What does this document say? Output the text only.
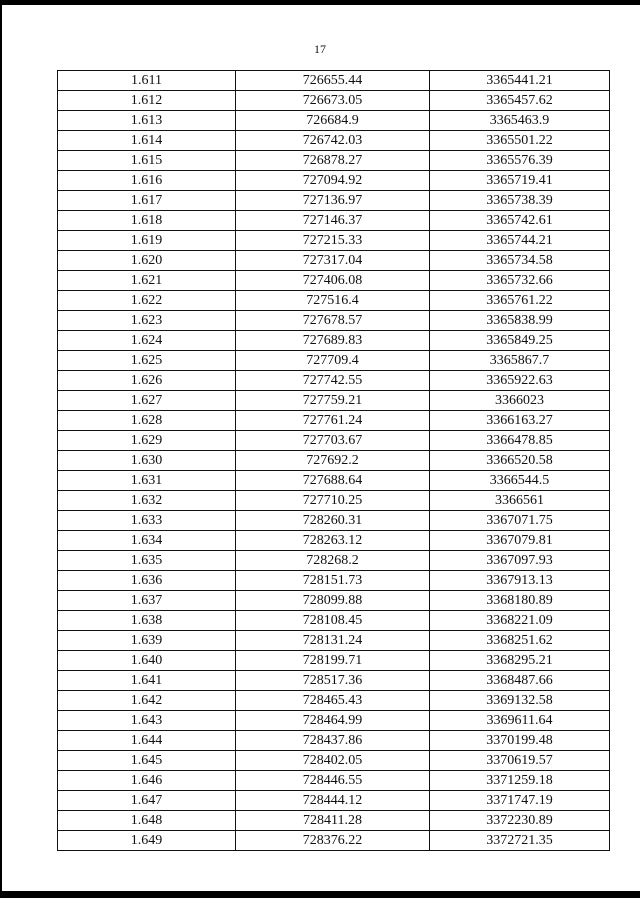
17
1.611	726655.44	3365441.21
1.612	726673.05	3365457.62
1.613	726684.9	3365463.9
1.614	726742.03	3365501.22
1.615	726878.27	3365576.39
1.616	727094.92	3365719.41
1.617	727136.97	3365738.39
1.618	727146.37	3365742.61
1.619	727215.33	3365744.21
1.620	727317.04	3365734.58
1.621	727406.08	3365732.66
1.622	727516.4	3365761.22
1.623	727678.57	3365838.99
1.624	727689.83	3365849.25
1.625	727709.4	3365867.7
1.626	727742.55	3365922.63
1.627	727759.21	3366023
1.628	727761.24	3366163.27
1.629	727703.67	3366478.85
1.630	727692.2	3366520.58
1.631	727688.64	3366544.5
1.632	727710.25	3366561
1.633	728260.31	3367071.75
1.634	728263.12	3367079.81
1.635	728268.2	3367097.93
1.636	728151.73	3367913.13
1.637	728099.88	3368180.89
1.638	728108.45	3368221.09
1.639	728131.24	3368251.62
1.640	728199.71	3368295.21
1.641	728517.36	3368487.66
1.642	728465.43	3369132.58
1.643	728464.99	3369611.64
1.644	728437.86	3370199.48
1.645	728402.05	3370619.57
1.646	728446.55	3371259.18
1.647	728444.12	3371747.19
1.648	728411.28	3372230.89
1.649	728376.22	3372721.35
